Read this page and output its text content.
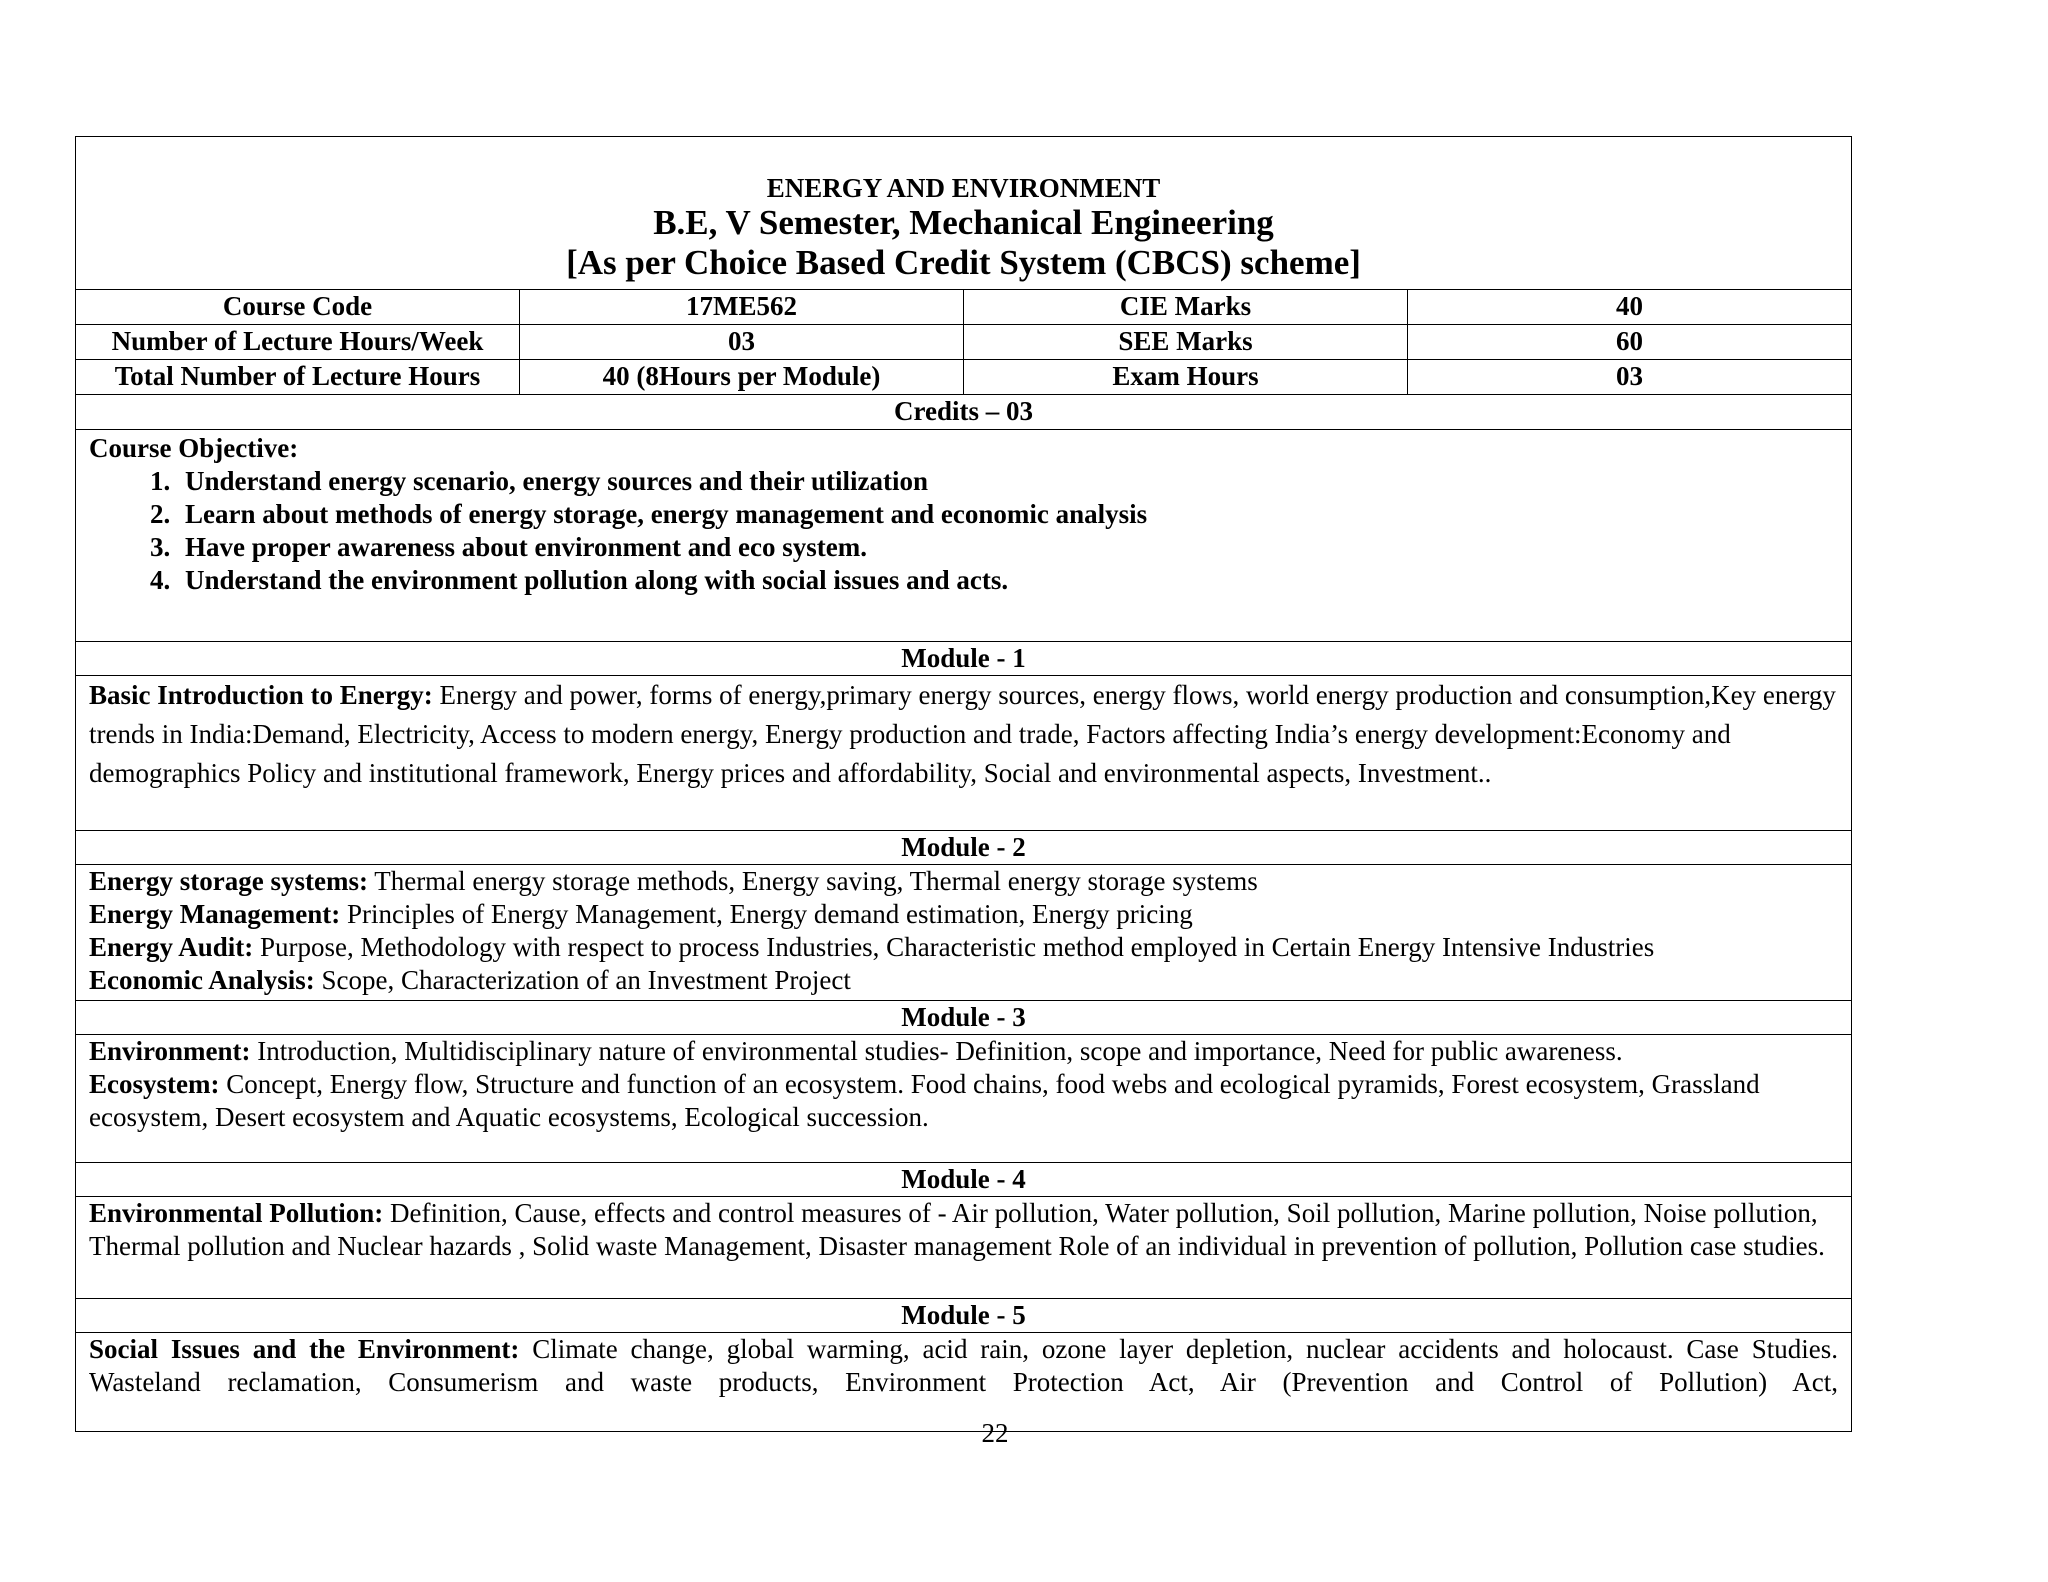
ENERGY AND ENVIRONMENT
B.E, V Semester, Mechanical Engineering
[As per Choice Based Credit System (CBCS) scheme]
Course Code	17ME562	CIE Marks	40
Number of Lecture Hours/Week	03	SEE Marks	60
Total Number of Lecture Hours	40 (8Hours per Module)	Exam Hours	03
Credits – 03
Course Objective:
1. Understand energy scenario, energy sources and their utilization
2. Learn about methods of energy storage, energy management and economic analysis
3. Have proper awareness about environment and eco system.
4. Understand the environment pollution along with social issues and acts.
Module - 1

Basic Introduction to Energy: Energy and power, forms of energy,primary energy sources, energy flows, world energy production and consumption,Key energy trends in India:Demand, Electricity, Access to modern energy, Energy production and trade, Factors affecting India’s energy development:Economy and demographics Policy and institutional framework, Energy prices and affordability, Social and environmental aspects, Investment..

Module - 2

Energy storage systems: Thermal energy storage methods, Energy saving, Thermal energy storage systems

Energy Management: Principles of Energy Management, Energy demand estimation, Energy pricing

Energy Audit: Purpose, Methodology with respect to process Industries, Characteristic method employed in Certain Energy Intensive Industries

Economic Analysis: Scope, Characterization of an Investment Project

Module - 3

Environment: Introduction, Multidisciplinary nature of environmental studies- Definition, scope and importance, Need for public awareness.

Ecosystem: Concept, Energy flow, Structure and function of an ecosystem. Food chains, food webs and ecological pyramids, Forest ecosystem, Grassland ecosystem, Desert ecosystem and Aquatic ecosystems, Ecological succession.

Module - 4

Environmental Pollution: Definition, Cause, effects and control measures of - Air pollution, Water pollution, Soil pollution, Marine pollution, Noise pollution, Thermal pollution and Nuclear hazards , Solid waste Management, Disaster management Role of an individual in prevention of pollution, Pollution case studies.

Module - 5

Social Issues and the Environment: Climate change, global warming, acid rain, ozone layer depletion, nuclear accidents and holocaust. Case Studies. Wasteland reclamation, Consumerism and waste products, Environment Protection Act, Air (Prevention and Control of Pollution) Act,

22
